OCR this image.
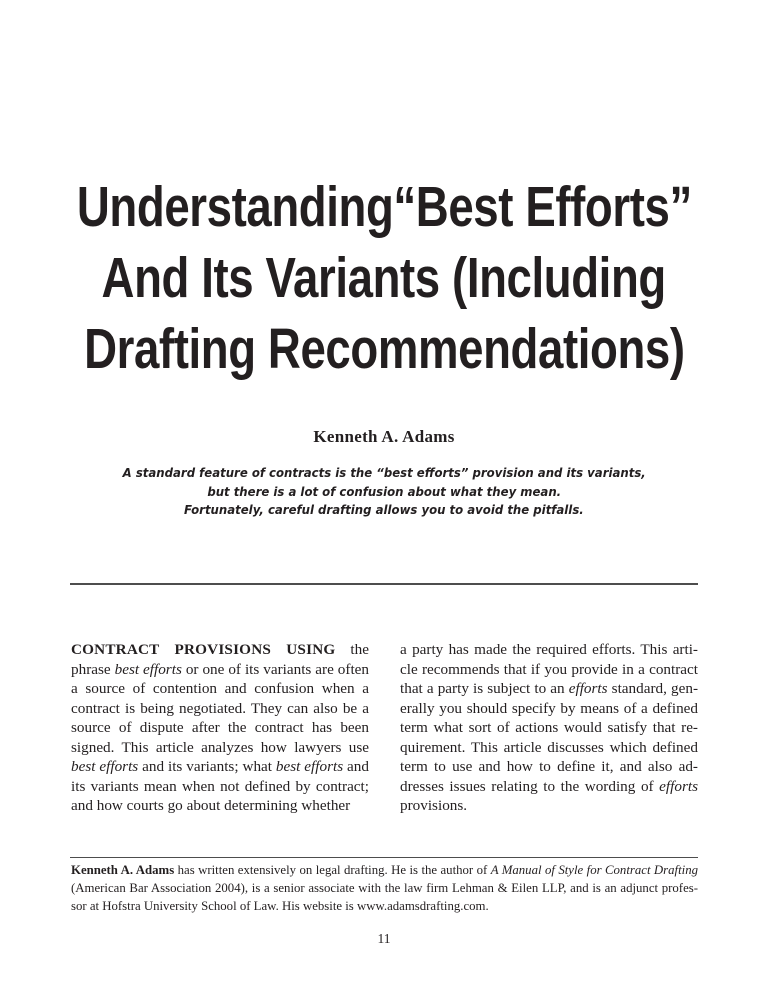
Understanding“Best Efforts”
And Its Variants (Including
Drafting Recommendations)
Kenneth A. Adams
A standard feature of contracts is the “best efforts” provision and its variants,
but there is a lot of confusion about what they mean.
Fortunately, careful drafting allows you to avoid the pitfalls.
CONTRACT PROVISIONS USING the
phrase best efforts or one of its variants are often
a source of contention and confusion when a
contract is being negotiated. They can also be a
source of dispute after the contract has been
signed. This article analyzes how lawyers use
best efforts and its variants; what best efforts and
its variants mean when not defined by contract;
and how courts go about determining whether
a party has made the required efforts. This arti-
cle recommends that if you provide in a contract
that a party is subject to an efforts standard, gen-
erally you should specify by means of a defined
term what sort of actions would satisfy that re-
quirement. This article discusses which defined
term to use and how to define it, and also ad-
dresses issues relating to the wording of efforts
provisions.
Kenneth A. Adams has written extensively on legal drafting. He is the author of A Manual of Style for Contract Drafting
(American Bar Association 2004), is a senior associate with the law firm Lehman & Eilen LLP, and is an adjunct profes-
sor at Hofstra University School of Law. His website is www.adamsdrafting.com.
11
